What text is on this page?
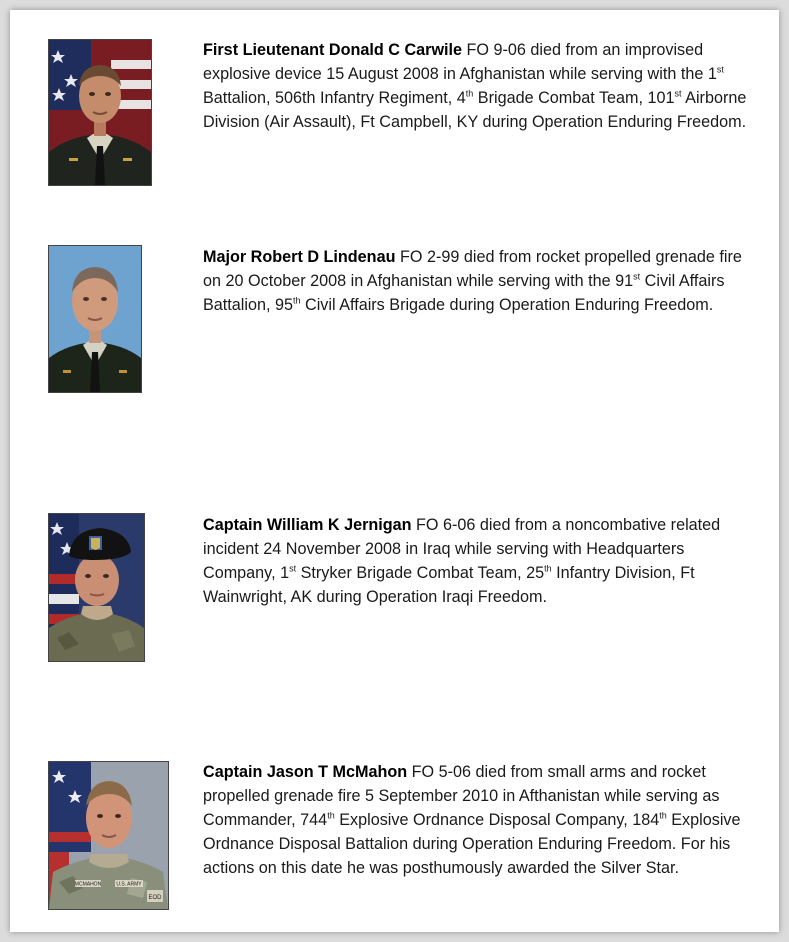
First Lieutenant Donald C Carwile FO 9-06 died from an improvised explosive device 15 August 2008 in Afghanistan while serving with the 1st Battalion, 506th Infantry Regiment, 4th Brigade Combat Team, 101st Airborne Division (Air Assault), Ft Campbell, KY during Operation Enduring Freedom.
Major Robert D Lindenau FO 2-99 died from rocket propelled grenade fire on 20 October 2008 in Afghanistan while serving with the 91st Civil Affairs Battalion, 95th Civil Affairs Brigade during Operation Enduring Freedom.
Captain William K Jernigan FO 6-06 died from a noncombative related incident 24 November 2008 in Iraq while serving with Headquarters Company, 1st Stryker Brigade Combat Team, 25th Infantry Division, Ft Wainwright, AK during Operation Iraqi Freedom.
MCMAHON	U.S. ARMY
EOD
Captain Jason T McMahon FO 5-06 died from small arms and rocket propelled grenade fire 5 September 2010 in Afthanistan while serving as Commander, 744th Explosive Ordnance Disposal Company, 184th Explosive Ordnance Disposal Battalion during Operation Enduring Freedom. For his actions on this date he was posthumously awarded the Silver Star.
